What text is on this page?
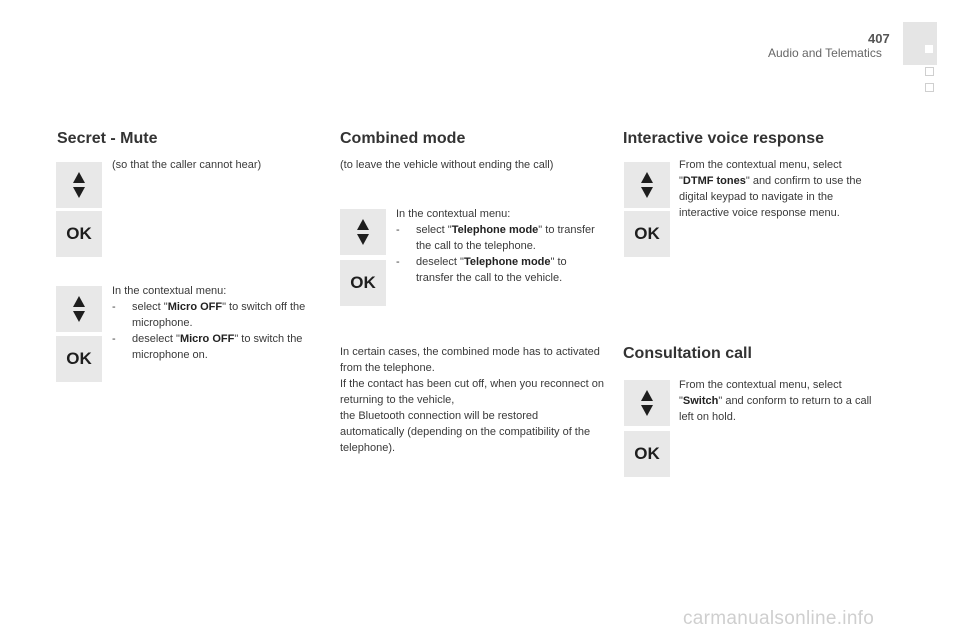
407
Audio and Telematics
Secret - Mute

(so that the caller cannot hear)

OK
OK
In the contextual menu:
-	select "Micro OFF" to switch off the microphone.
-	deselect "Micro OFF" to switch the microphone on.
Combined mode

(to leave the vehicle without ending the call)

OK
In the contextual menu:
-	select "Telephone mode" to transfer the call to the telephone.
-	deselect "Telephone mode" to transfer the call to the vehicle.
In certain cases, the combined mode has to activated from the telephone.
If the contact has been cut off, when you reconnect on returning to the vehicle,
the Bluetooth connection will be restored automatically (depending on the compatibility of the telephone).
Interactive voice response
OK

From the contextual menu, select "DTMF tones" and confirm to use the digital keypad to navigate in the interactive voice response menu.

Consultation call
OK

From the contextual menu, select "Switch" and conform to return to a call left on hold.

carmanualsonline.info
